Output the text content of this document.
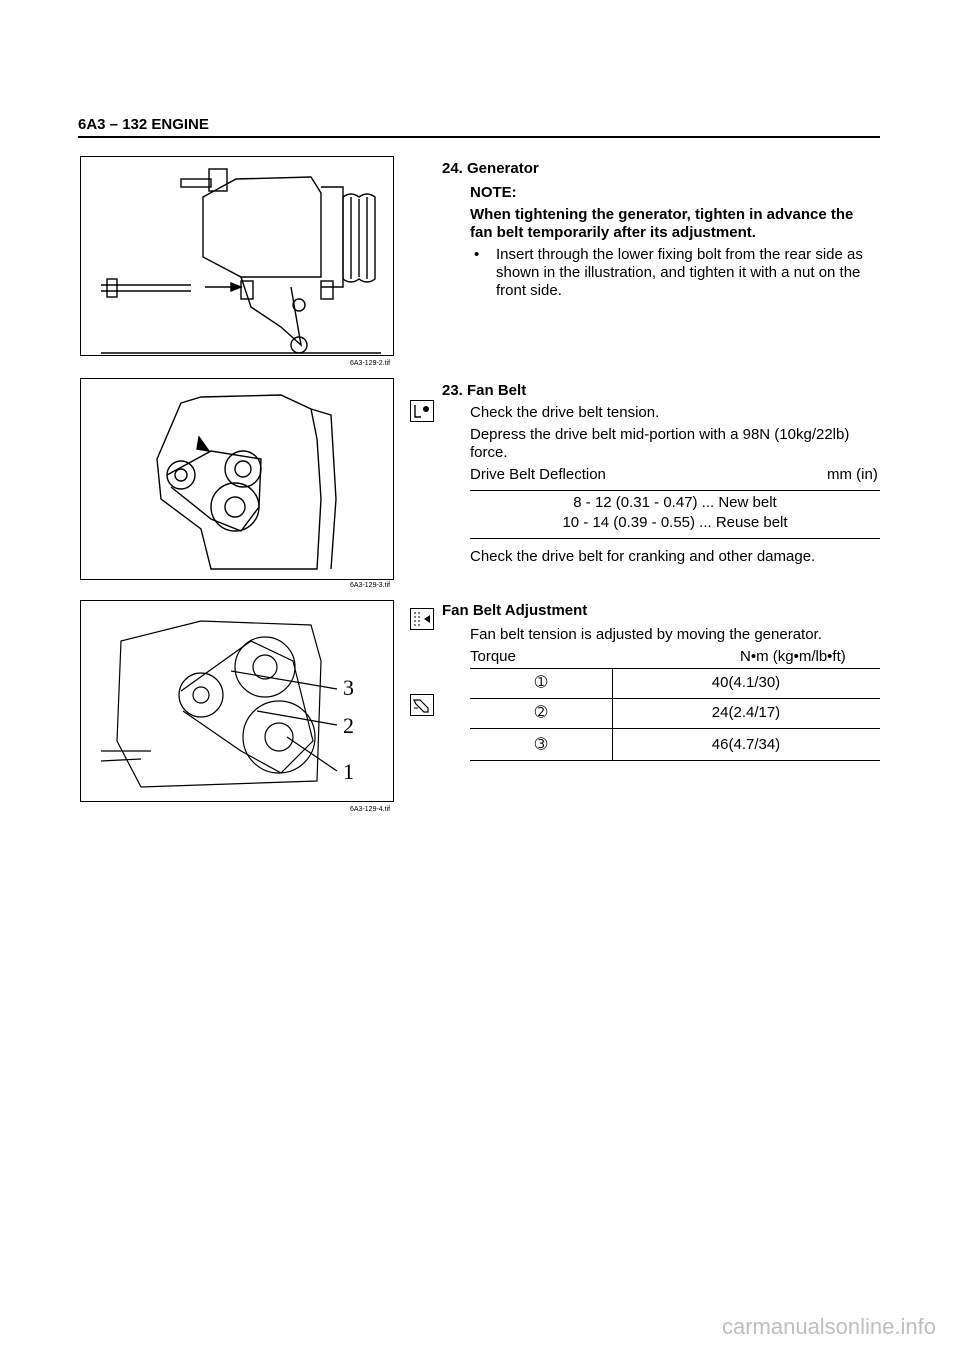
6A3 – 132 ENGINE
6A3-129-2.tif
6A3-129-3.tif
3
2
1
6A3-129-4.tif
24. Generator
NOTE:
When tightening the generator, tighten in advance the fan belt temporarily after its adjustment.
• Insert through the lower fixing bolt from the rear side as shown in the illustration, and tighten it with a nut on the front side.
23. Fan Belt
Check the drive belt tension.
Depress the drive belt mid-portion with a 98N (10kg/22lb) force.
Drive Belt Deflection	mm (in)
8 - 12 (0.31 - 0.47) ... New belt
10 - 14 (0.39 - 0.55) ... Reuse belt
Check the drive belt for cranking and other damage.
Fan Belt Adjustment
Fan belt tension is adjusted by moving the generator.
Torque	N•m (kg•m/lb•ft)
➀	40(4.1/30)
➁	24(2.4/17)
➂	46(4.7/34)
carmanualsonline.info
